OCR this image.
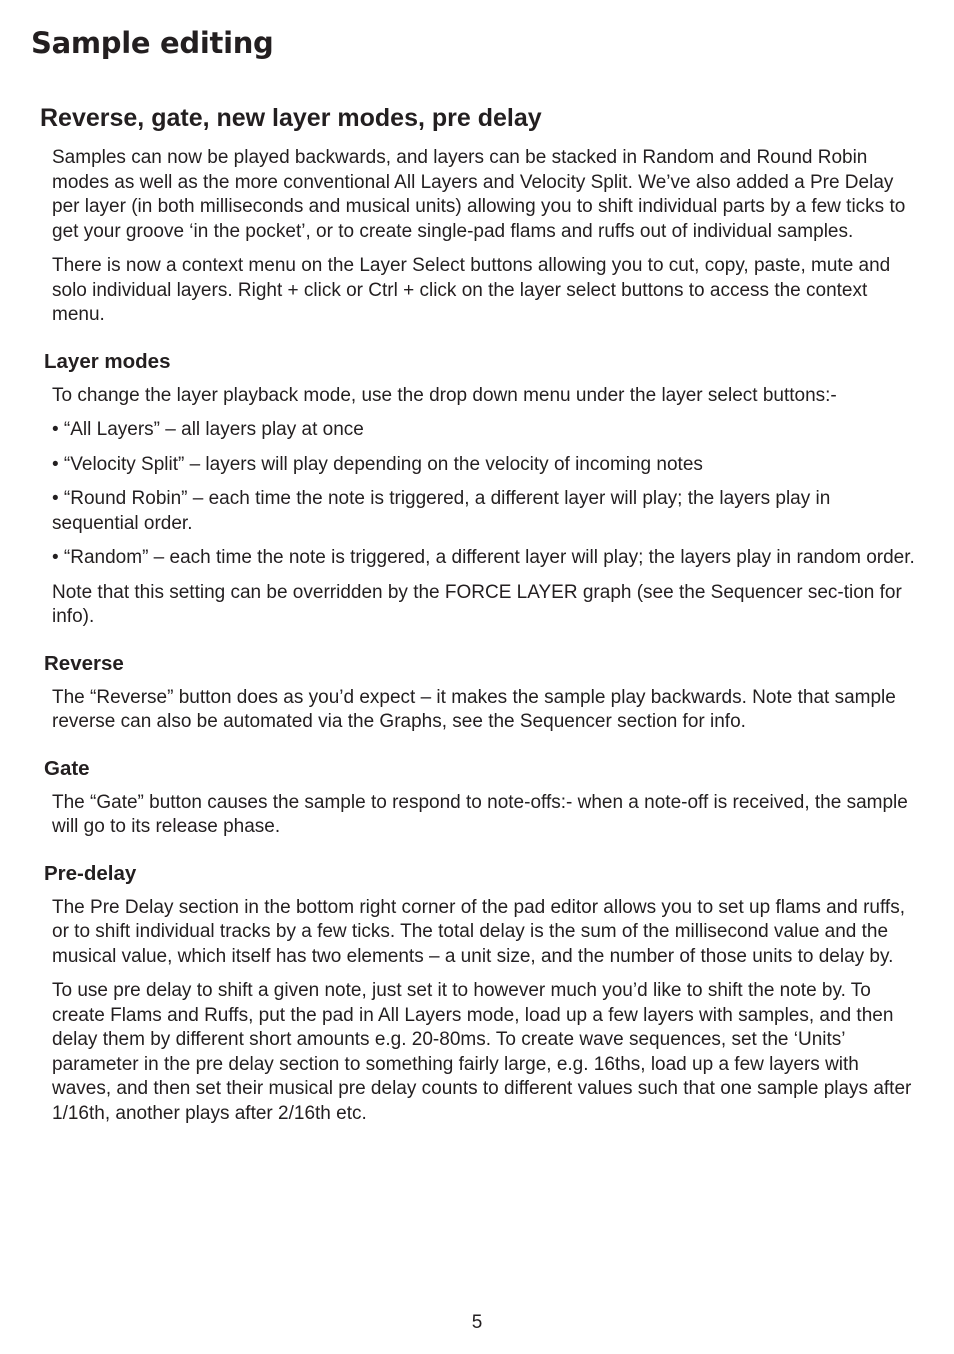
Sample editing
Reverse, gate, new layer modes, pre delay

Samples can now be played backwards, and layers can be stacked in Random and Round Robin modes as well as the more conventional All Layers and Velocity Split. We’ve also added a Pre Delay per layer (in both milliseconds and musical units) allowing you to shift individual parts by a few ticks to get your groove ‘in the pocket’, or to create single-pad flams and ruffs out of individual samples.

There is now a context menu on the Layer Select buttons allowing you to cut, copy, paste, mute and solo individual layers. Right + click or Ctrl + click on the layer select buttons to access the context menu.

Layer modes

To change the layer playback mode, use the drop down menu under the layer select buttons:-

• “All Layers” – all layers play at once

• “Velocity Split” – layers will play depending on the velocity of incoming notes

• “Round Robin” – each time the note is triggered, a different layer will play; the layers play in sequential order.

• “Random” – each time the note is triggered, a different layer will play; the layers play in random order.

Note that this setting can be overridden by the FORCE LAYER graph (see the Sequencer sec-tion for info).

Reverse

The “Reverse” button does as you’d expect – it makes the sample play backwards. Note that sample reverse can also be automated via the Graphs, see the Sequencer section for info.

Gate

The “Gate” button causes the sample to respond to note-offs:- when a note-off is received, the sample will go to its release phase.

Pre-delay

The Pre Delay section in the bottom right corner of the pad editor allows you to set up flams and ruffs, or to shift individual tracks by a few ticks. The total delay is the sum of the millisecond value and the musical value, which itself has two elements – a unit size, and the number of those units to delay by.

To use pre delay to shift a given note, just set it to however much you’d like to shift the note by. To create Flams and Ruffs, put the pad in All Layers mode, load up a few layers with samples, and then delay them by different short amounts e.g. 20-80ms. To create wave sequences, set the ‘Units’ parameter in the pre delay section to something fairly large, e.g. 16ths, load up a few layers with waves, and then set their musical pre delay counts to different values such that one sample plays after 1/16th, another plays after 2/16th etc.

5
